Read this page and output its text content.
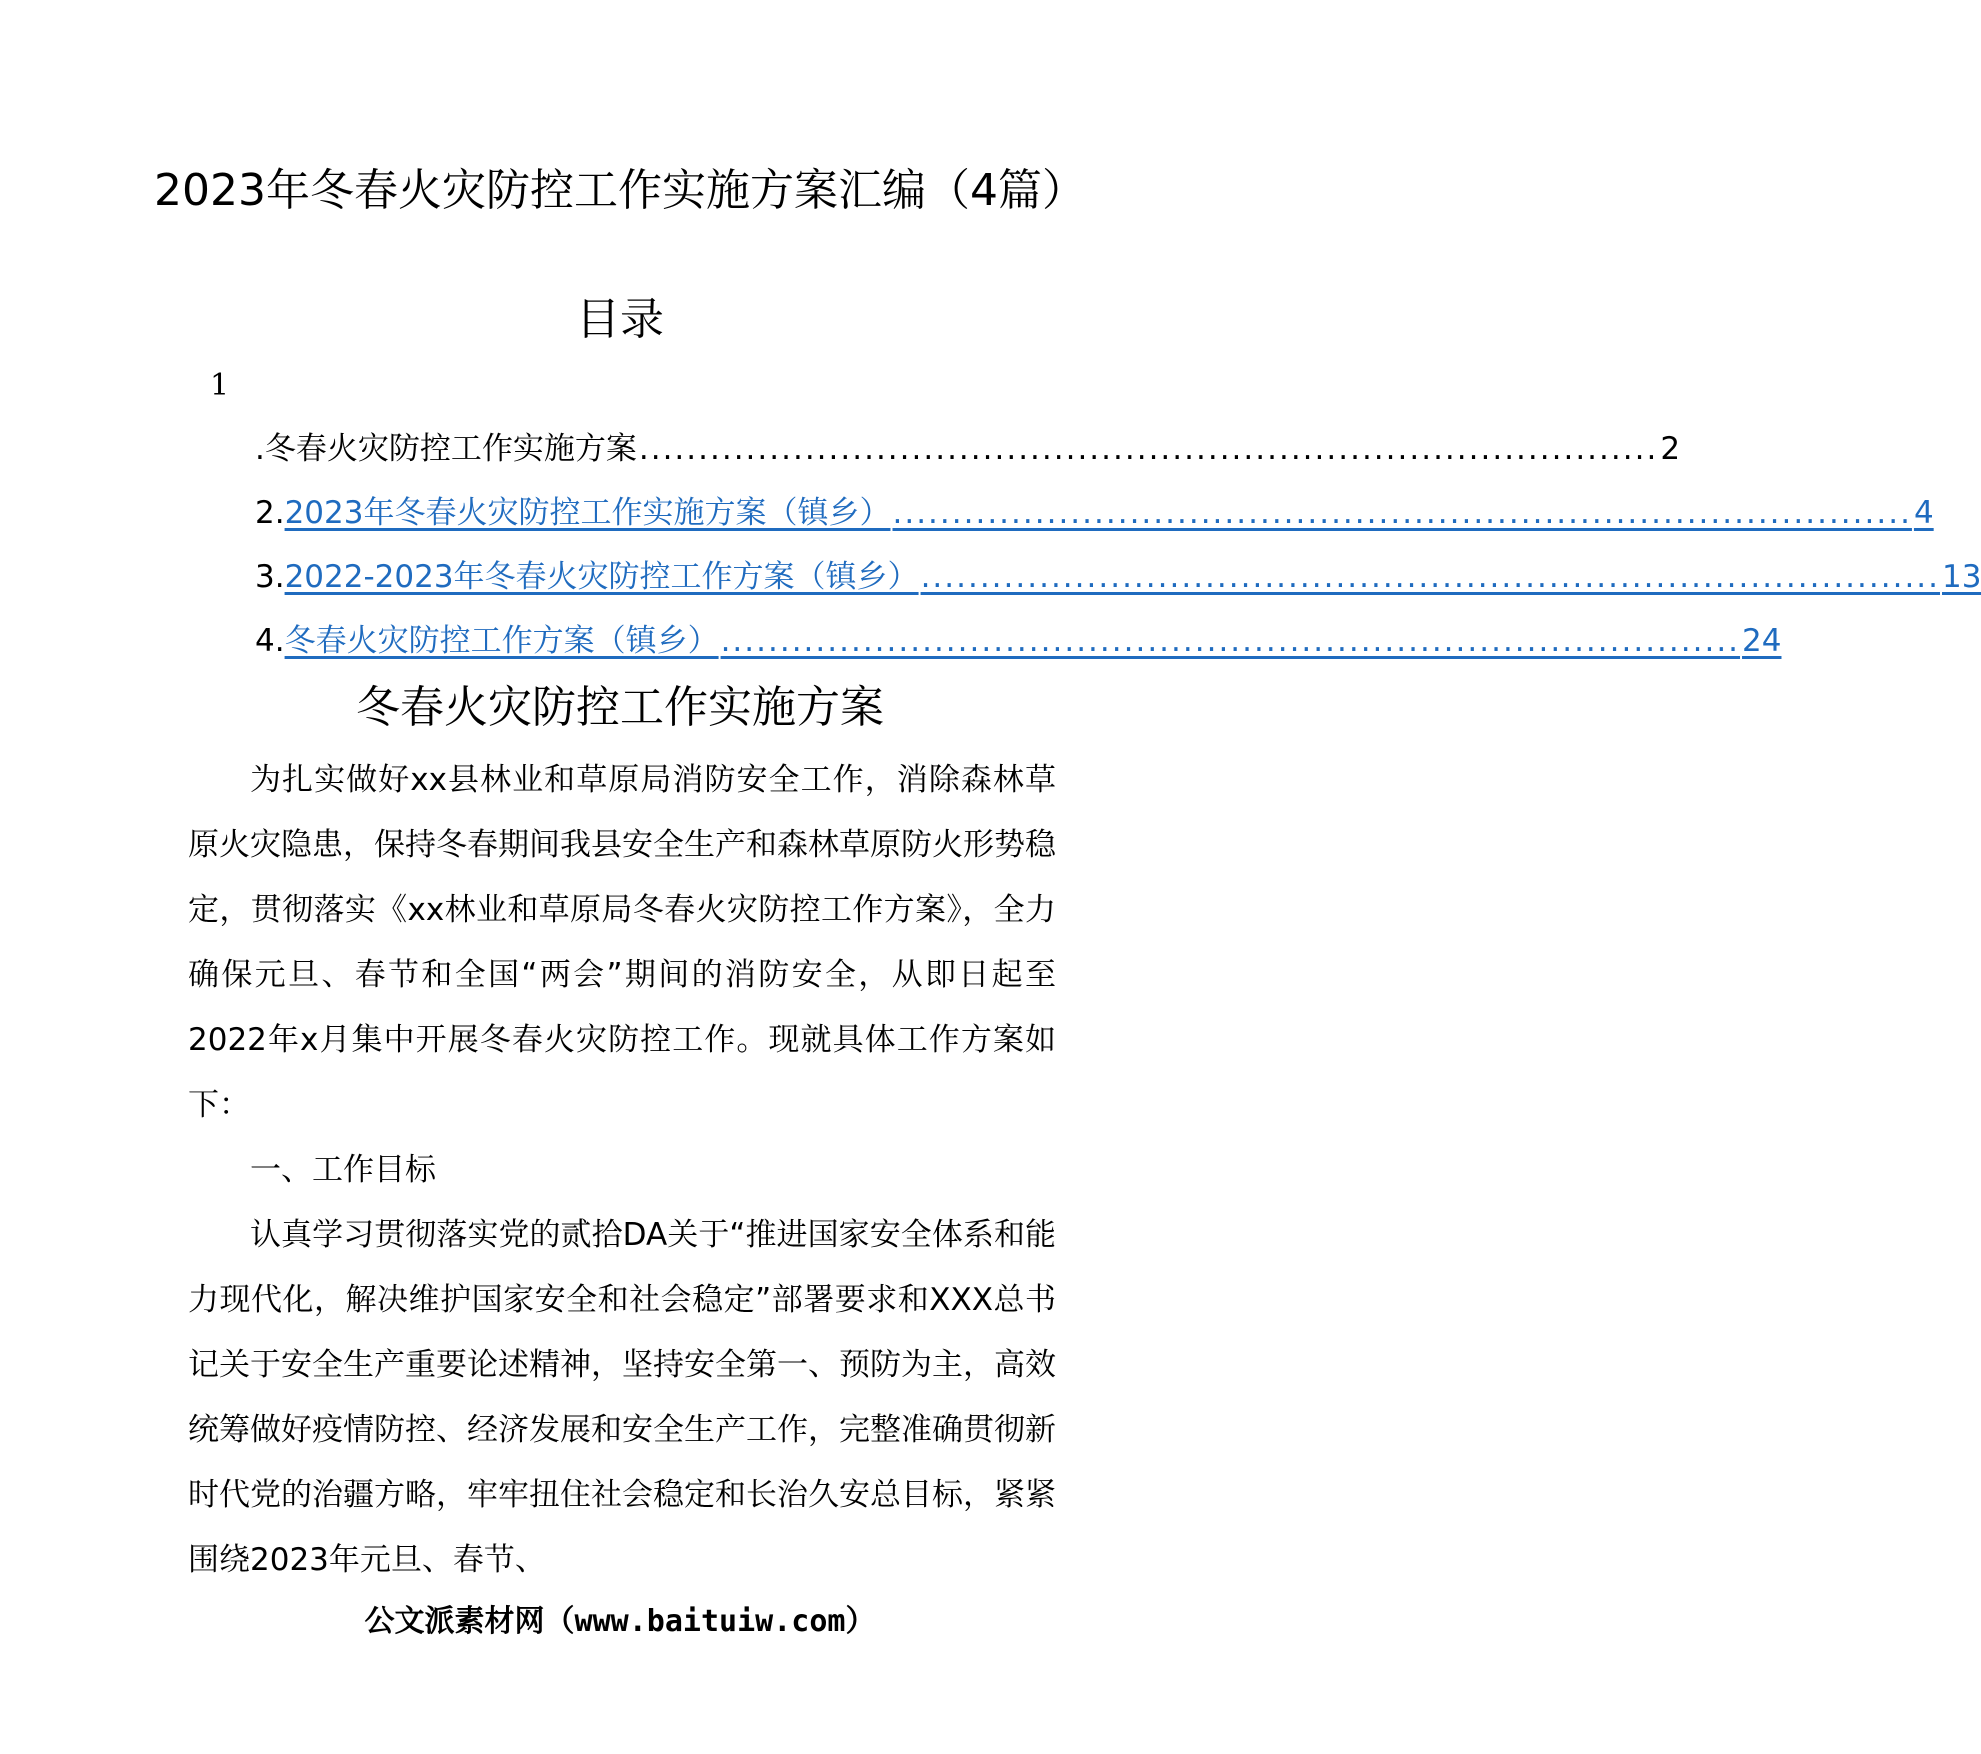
2023年冬春火灾防控工作实施方案汇编（4篇）
目录
1
.冬春火灾防控工作实施方案 ...................................................................................... 2
2. 2023年冬春火灾防控工作实施方案（镇乡） ...................................................................................... 4
3. 2022-2023年冬春火灾防控工作方案（镇乡） ...................................................................................... 13
4. 冬春火灾防控工作方案（镇乡） ...................................................................................... 24
冬春火灾防控工作实施方案

为扎实做好xx县林业和草原局消防安全工作，消除森林草原火灾隐患，保持冬春期间我县安全生产和森林草原防火形势稳定，贯彻落实《xx林业和草原局冬春火灾防控工作方案》，全力确保元旦、春节和全国“两会”期间的消防安全，从即日起至2022年x月集中开展冬春火灾防控工作。现就具体工作方案如下：

一、工作目标

认真学习贯彻落实党的贰拾DA关于“推进国家安全体系和能力现代化，解决维护国家安全和社会稳定”部署要求和XXX总书记关于安全生产重要论述精神，坚持安全第一、预防为主，高效统筹做好疫情防控、经济发展和安全生产工作，完整准确贯彻新时代党的治疆方略，牢牢扭住社会稳定和长治久安总目标，紧紧围绕2023年元旦、春节、

公文派素材网（www.baituiw.com）
